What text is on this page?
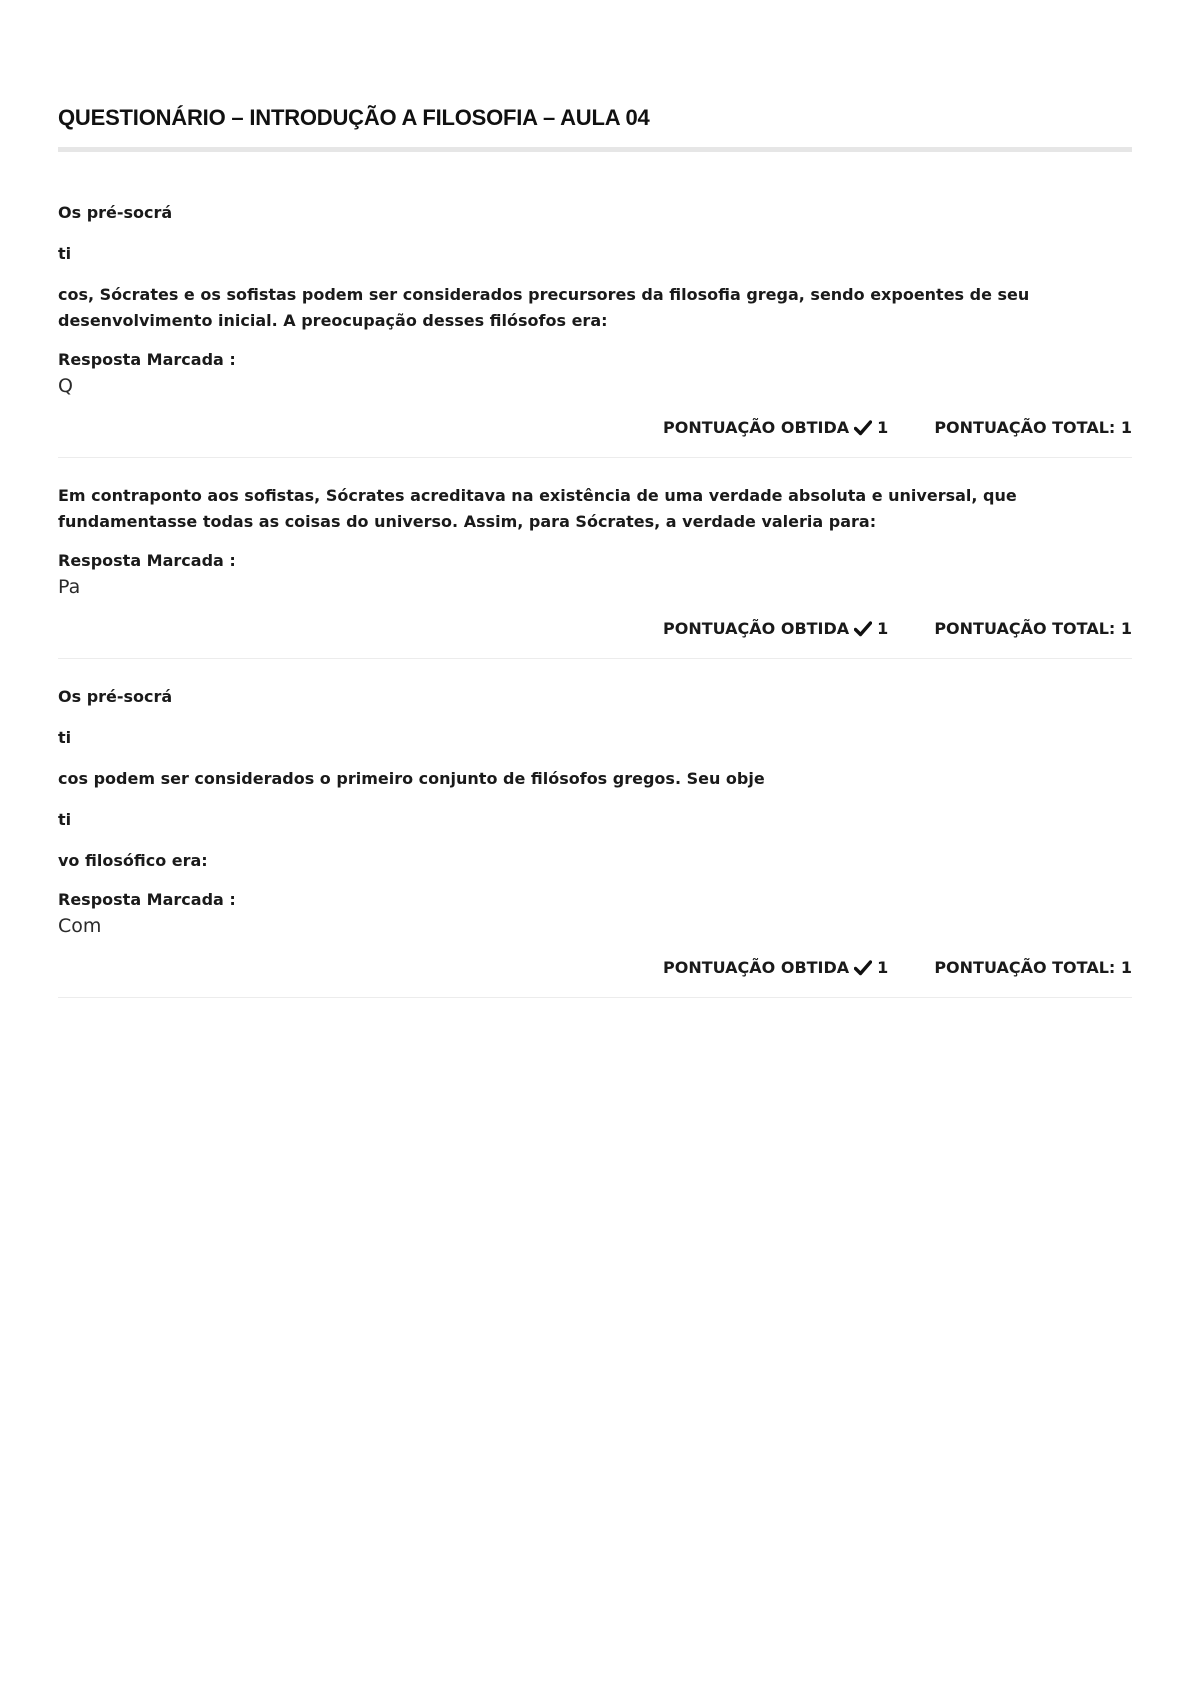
QUESTIONÁRIO – INTRODUÇÃO A FILOSOFIA – AULA 04

Os pré-socrá

ti

cos, Sócrates e os sofistas podem ser considerados precursores da filosofia grega, sendo expoentes de seu desenvolvimento inicial. A preocupação desses filósofos era:

Resposta Marcada :

Q

PONTUAÇÃO OBTIDA 1	PONTUAÇÃO TOTAL: 1

Em contraponto aos sofistas, Sócrates acreditava na existência de uma verdade absoluta e universal, que fundamentasse todas as coisas do universo. Assim, para Sócrates, a verdade valeria para:

Resposta Marcada :

Pa

PONTUAÇÃO OBTIDA 1	PONTUAÇÃO TOTAL: 1

Os pré-socrá

ti

cos podem ser considerados o primeiro conjunto de filósofos gregos. Seu obje

ti

vo filosófico era:

Resposta Marcada :

Com

PONTUAÇÃO OBTIDA 1	PONTUAÇÃO TOTAL: 1
